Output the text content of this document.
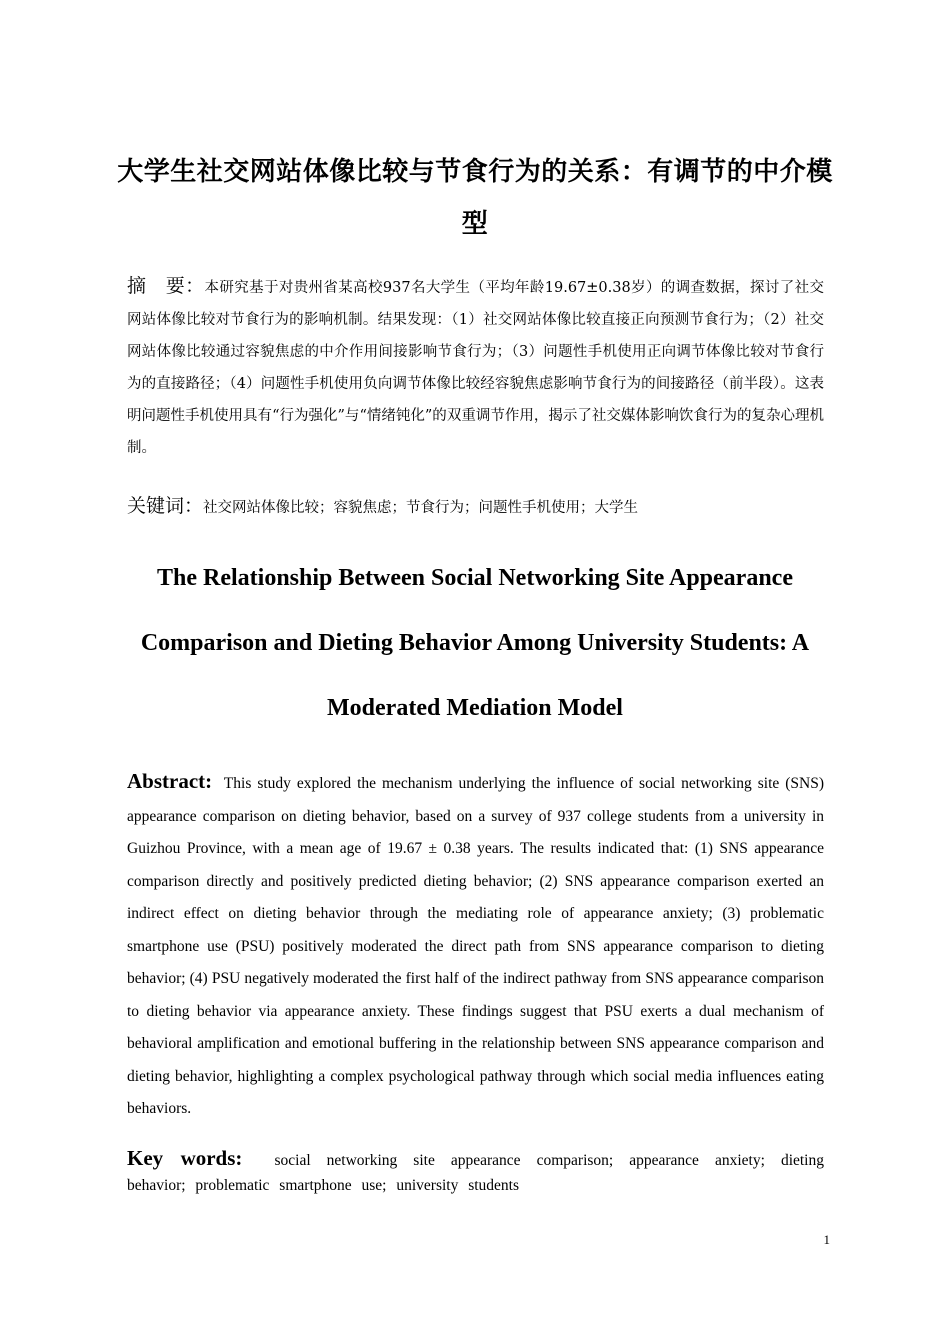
大学生社交网站体像比较与节食行为的关系：有调节的中介模型
摘　要：本研究基于对贵州省某高校937名大学生（平均年龄19.67±0.38岁）的调查数据，探讨了社交网站体像比较对节食行为的影响机制。结果发现：（1）社交网站体像比较直接正向预测节食行为；（2）社交网站体像比较通过容貌焦虑的中介作用间接影响节食行为；（3）问题性手机使用正向调节体像比较对节食行为的直接路径；（4）问题性手机使用负向调节体像比较经容貌焦虑影响节食行为的间接路径（前半段）。这表明问题性手机使用具有“行为强化”与“情绪钝化”的双重调节作用，揭示了社交媒体影响饮食行为的复杂心理机制。
关键词：社交网站体像比较；容貌焦虑；节食行为；问题性手机使用；大学生
The Relationship Between Social Networking Site Appearance Comparison and Dieting Behavior Among University Students: A Moderated Mediation Model
Abstract: This study explored the mechanism underlying the influence of social networking site (SNS) appearance comparison on dieting behavior, based on a survey of 937 college students from a university in Guizhou Province, with a mean age of 19.67 ± 0.38 years. The results indicated that: (1) SNS appearance comparison directly and positively predicted dieting behavior; (2) SNS appearance comparison exerted an indirect effect on dieting behavior through the mediating role of appearance anxiety; (3) problematic smartphone use (PSU) positively moderated the direct path from SNS appearance comparison to dieting behavior; (4) PSU negatively moderated the first half of the indirect pathway from SNS appearance comparison to dieting behavior via appearance anxiety. These findings suggest that PSU exerts a dual mechanism of behavioral amplification and emotional buffering in the relationship between SNS appearance comparison and dieting behavior, highlighting a complex psychological pathway through which social media influences eating behaviors.
Key words: social networking site appearance comparison; appearance anxiety; dieting behavior; problematic smartphone use; university students
1
